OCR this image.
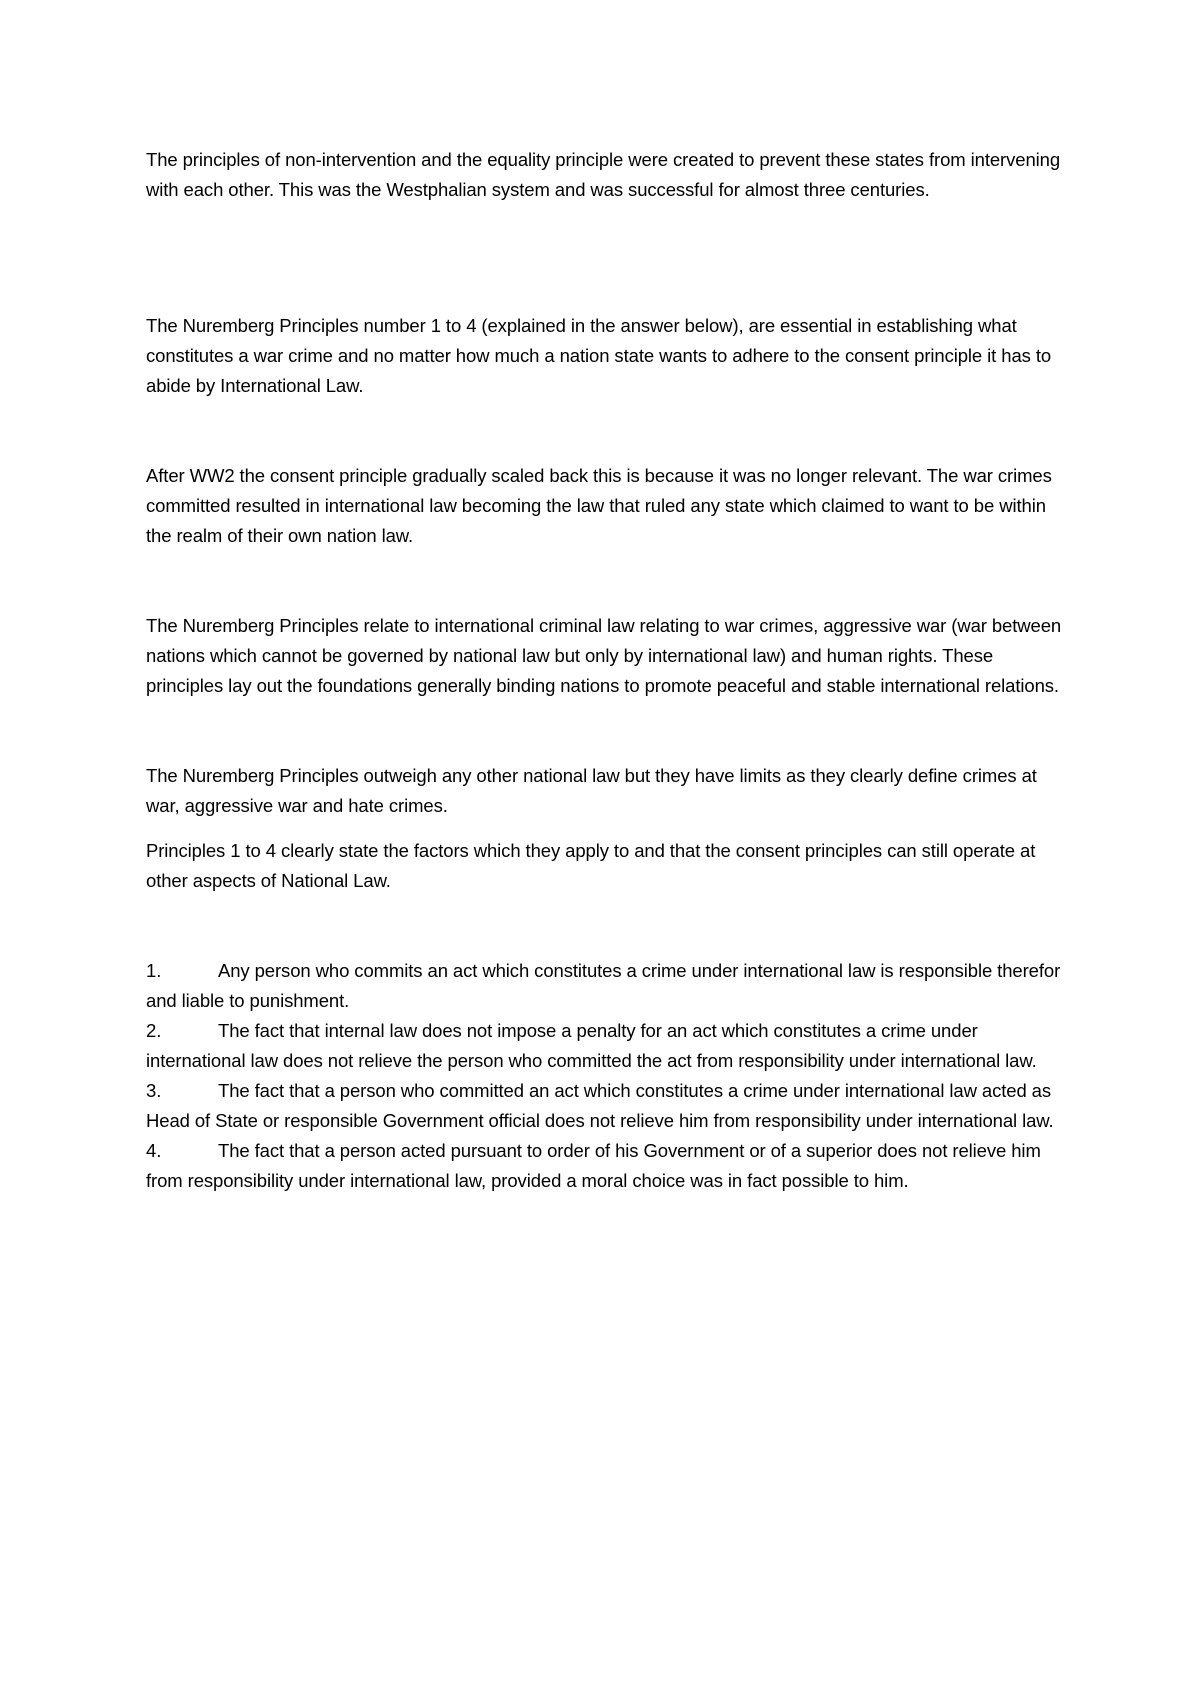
The principles of non-intervention and the equality principle were created to prevent these states from intervening with each other. This was the Westphalian system and was successful for almost three centuries.

The Nuremberg Principles number 1 to 4 (explained in the answer below), are essential in establishing what constitutes a war crime and no matter how much a nation state wants to adhere to the consent principle it has to abide by International Law.

After WW2 the consent principle gradually scaled back this is because it was no longer relevant. The war crimes committed resulted in international law becoming the law that ruled any state which claimed to want to be within the realm of their own nation law.

The Nuremberg Principles relate to international criminal law relating to war crimes, aggressive war (war between nations which cannot be governed by national law but only by international law) and human rights. These principles lay out the foundations generally binding nations to promote peaceful and stable international relations.

The Nuremberg Principles outweigh any other national law but they have limits as they clearly define crimes at war, aggressive war and hate crimes.

Principles 1 to 4 clearly state the factors which they apply to and that the consent principles can still operate at other aspects of National Law.

1.	Any person who commits an act which constitutes a crime under international law is responsible therefor and liable to punishment.

2.	The fact that internal law does not impose a penalty for an act which constitutes a crime under international law does not relieve the person who committed the act from responsibility under international law.

3.	The fact that a person who committed an act which constitutes a crime under international law acted as Head of State or responsible Government official does not relieve him from responsibility under international law.

4.	The fact that a person acted pursuant to order of his Government or of a superior does not relieve him from responsibility under international law, provided a moral choice was in fact possible to him.
